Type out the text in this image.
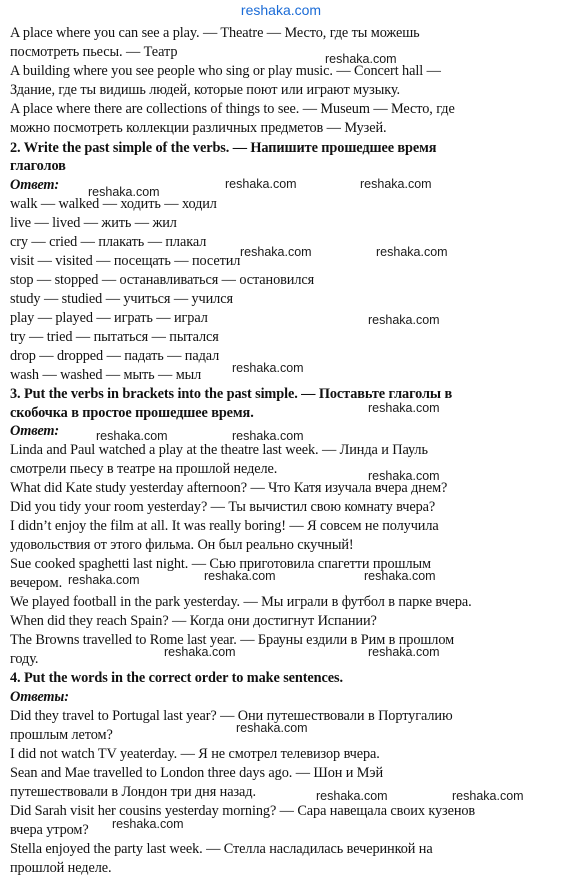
reshaka.com
A place where you can see a play. — Theatre — Место, где ты можешь
посмотреть пьесы. — Театр
A building where you see people who sing or play music. — Concert hall —
Здание, где ты видишь людей, которые поют или играют музыку.
A place where there are collections of things to see. — Museum — Место, где
можно посмотреть коллекции различных предметов — Музей.
2. Write the past simple of the verbs. — Напишите прошедшее время
глаголов
Ответ:
walk — walked — ходить — ходил
live — lived — жить — жил
cry — cried — плакать — плакал
visit — visited — посещать — посетил
stop — stopped — останавливаться — остановился
study — studied — учиться — учился
play — played — играть — играл
try — tried — пытаться — пытался
drop — dropped — падать — падал
wash — washed — мыть — мыл
3. Put the verbs in brackets into the past simple. — Поставьте глаголы в
скобочка в простое прошедшее время.
Ответ:
Linda and Paul watched a play at the theatre last week. — Линда и Пауль
смотрели пьесу в театре на прошлой неделе.
What did Kate study yesterday afternoon? — Что Катя изучала вчера днем?
Did you tidy your room yesterday? — Ты вычистил свою комнату вчера?
I didn’t enjoy the film at all. It was really boring! — Я совсем не получила
удовольствия от этого фильма. Он был реально скучный!
Sue cooked spaghetti last night. — Сью приготовила спагетти прошлым
вечером.
We played football in the park yesterday. — Мы играли в футбол в парке вчера.
When did they reach Spain? — Когда они достигнут Испании?
The Browns travelled to Rome last year. — Брауны ездили в Рим в прошлом
году.
4. Put the words in the correct order to make sentences.
Ответы:
Did they travel to Portugal last year? — Они путешествовали в Португалию
прошлым летом?
I did not watch TV yeaterday. — Я не смотрел телевизор вчера.
Sean and Mae travelled to London three days ago. — Шон и Мэй
путешествовали в Лондон три дня назад.
Did Sarah visit her cousins yesterday morning? — Сара навещала своих кузенов
вчера утром?
Stella enjoyed the party last week. — Стелла насладилась вечеринкой на
прошлой неделе.
reshaka.com
reshaka.com
reshaka.com	reshaka.com
reshaka.com	reshaka.com
reshaka.com
reshaka.com
reshaka.com
reshaka.com	reshaka.com
reshaka.com
reshaka.com	reshaka.com	reshaka.com
reshaka.com	reshaka.com
reshaka.com
reshaka.com	reshaka.com
reshaka.com
